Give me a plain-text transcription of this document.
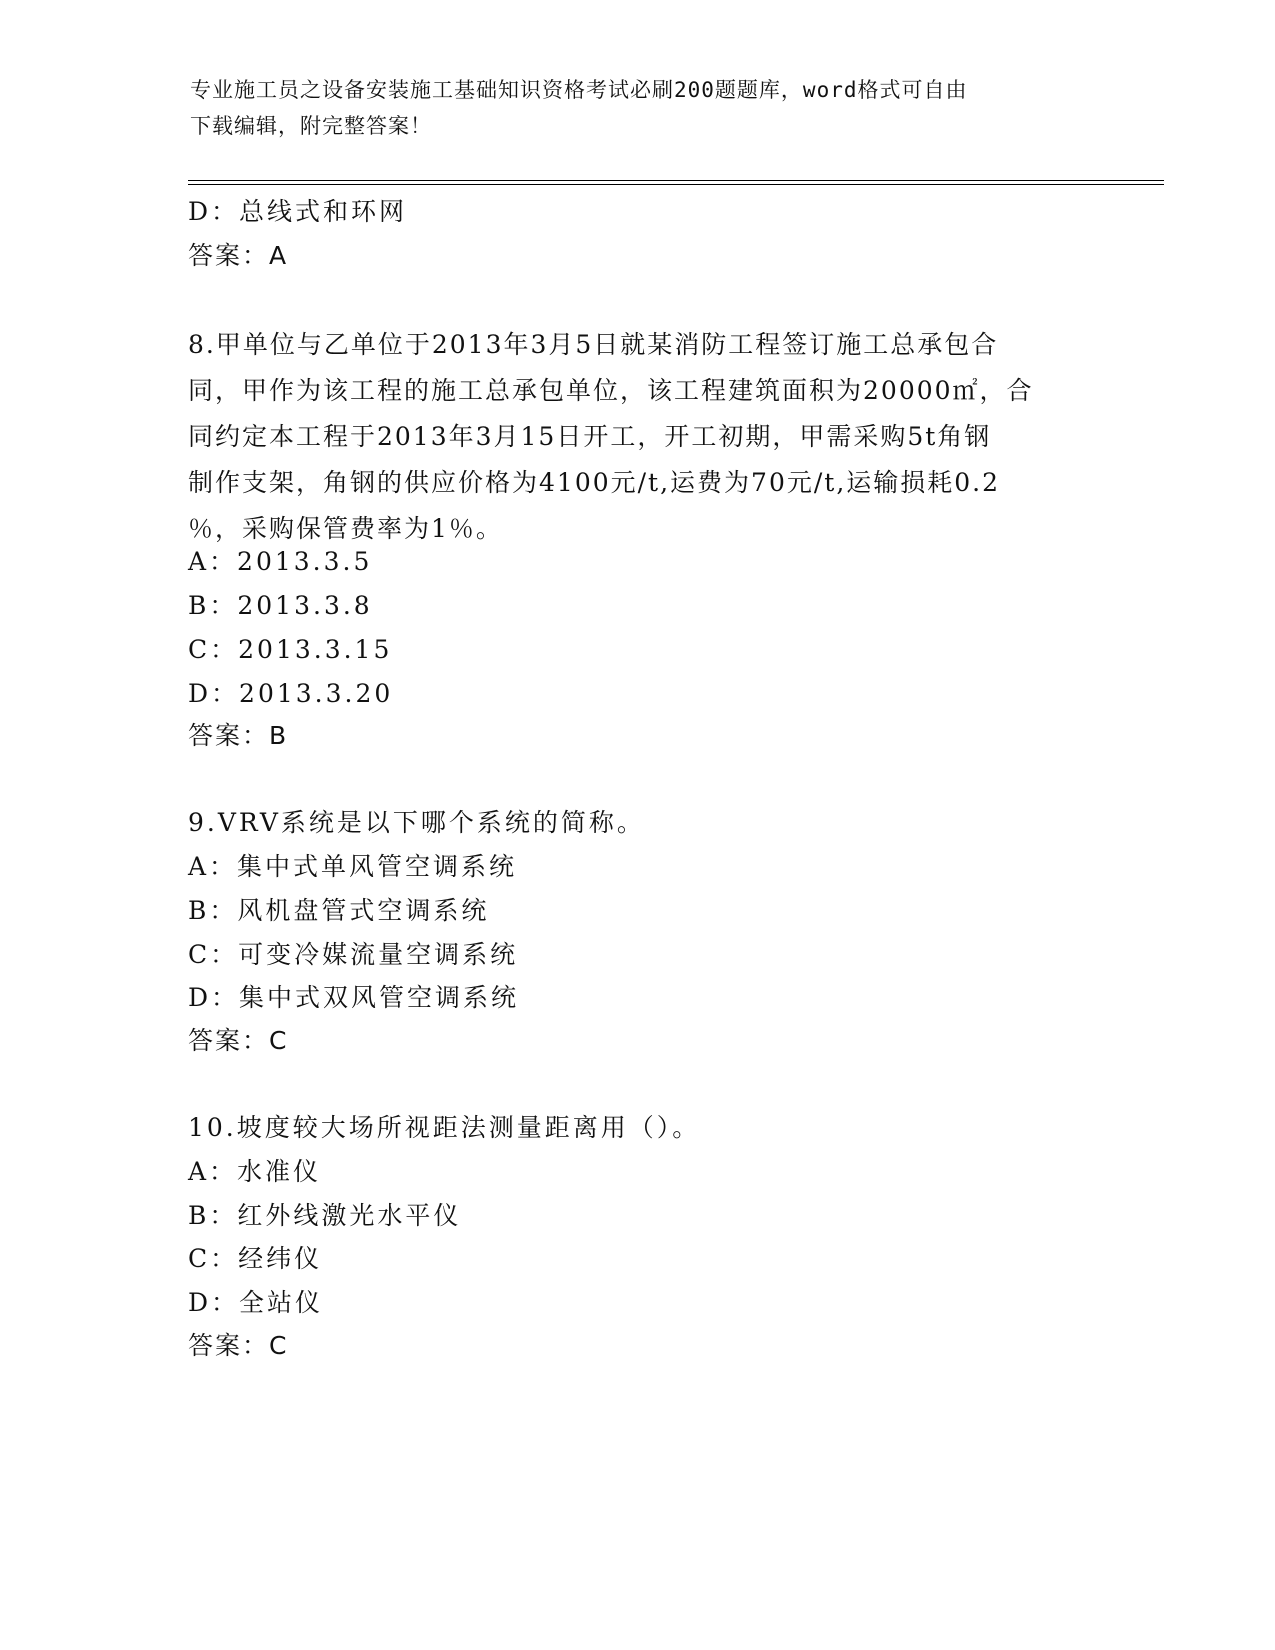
专业施工员之设备安装施工基础知识资格考试必刷200题题库，word格式可自由
下载编辑，附完整答案！
D：总线式和环网
答案：A
8.甲单位与乙单位于2013年3月5日就某消防工程签订施工总承包合
同，甲作为该工程的施工总承包单位，该工程建筑面积为20000㎡，合
同约定本工程于2013年3月15日开工，开工初期，甲需采购5t角钢
制作支架，角钢的供应价格为4100元/t,运费为70元/t,运输损耗0.2
％，采购保管费率为1％。
A：2013.3.5
B：2013.3.8
C：2013.3.15
D：2013.3.20
答案：B
9.VRV系统是以下哪个系统的简称。
A：集中式单风管空调系统
B：风机盘管式空调系统
C：可变冷媒流量空调系统
D：集中式双风管空调系统
答案：C
10.坡度较大场所视距法测量距离用（）。
A：水准仪
B：红外线激光水平仪
C：经纬仪
D：全站仪
答案：C
